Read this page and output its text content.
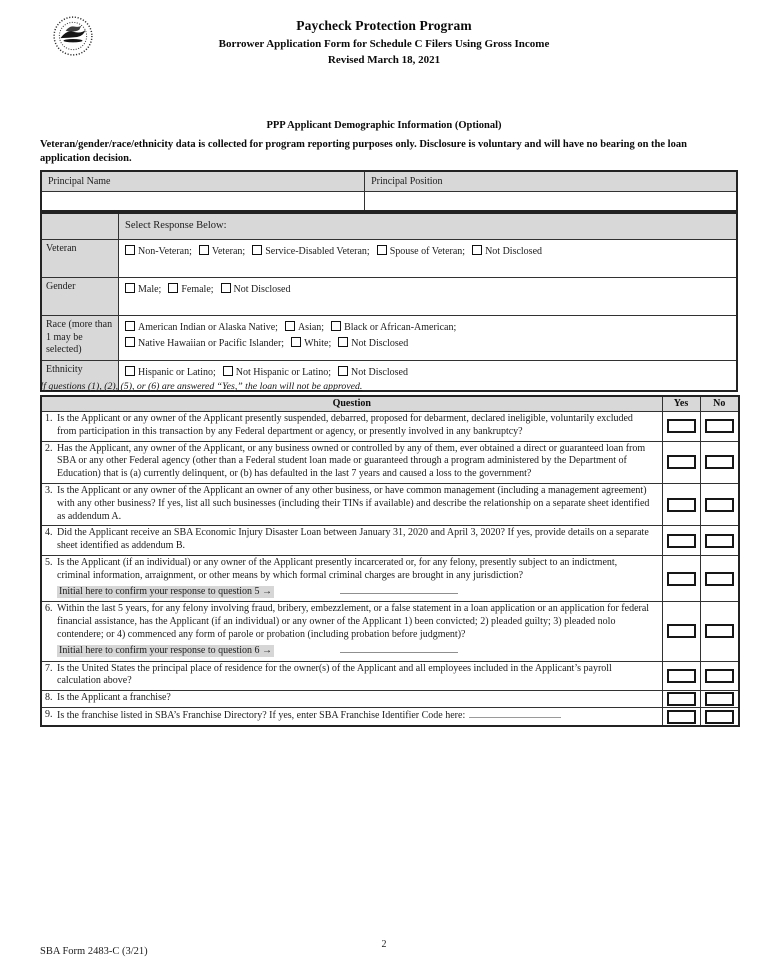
Paycheck Protection Program
Borrower Application Form for Schedule C Filers Using Gross Income
Revised March 18, 2021
PPP Applicant Demographic Information (Optional)
Veteran/gender/race/ethnicity data is collected for program reporting purposes only. Disclosure is voluntary and will have no bearing on the loan application decision.
Principal Name	Principal Position

	Select Response Below:
Veteran	Non-Veteran; Veteran; Service-Disabled Veteran; Spouse of Veteran; Not Disclosed
Gender	Male; Female; Not Disclosed
Race (more than 1 may be selected)	American Indian or Alaska Native; Asian; Black or African-American;
Native Hawaiian or Pacific Islander; White; Not Disclosed
Ethnicity	Hispanic or Latino; Not Hispanic or Latino; Not Disclosed
If questions (1), (2), (5), or (6) are answered “Yes,” the loan will not be approved.
Question	Yes	No

1. Is the Applicant or any owner of the Applicant presently suspended, debarred, proposed for debarment, declared ineligible, voluntarily excluded from participation in this transaction by any Federal department or agency, or presently involved in any bankruptcy?	

2. Has the Applicant, any owner of the Applicant, or any business owned or controlled by any of them, ever obtained a direct or guaranteed loan from SBA or any other Federal agency (other than a Federal student loan made or guaranteed through a program administered by the Department of Education) that is (a) currently delinquent, or (b) has defaulted in the last 7 years and caused a loss to the government?	

3. Is the Applicant or any owner of the Applicant an owner of any other business, or have common management (including a management agreement) with any other business? If yes, list all such businesses (including their TINs if available) and describe the relationship on a separate sheet identified as addendum A.	

4. Did the Applicant receive an SBA Economic Injury Disaster Loan between January 31, 2020 and April 3, 2020? If yes, provide details on a separate sheet identified as addendum B.	

5. Is the Applicant (if an individual) or any owner of the Applicant presently incarcerated or, for any felony, presently subject to an indictment, criminal information, arraignment, or other means by which formal criminal charges are brought in any jurisdiction?
Initial here to confirm your response to question 5 →		

6. Within the last 5 years, for any felony involving fraud, bribery, embezzlement, or a false statement in a loan application or an application for federal financial assistance, has the Applicant (if an individual) or any owner of the Applicant 1) been convicted; 2) pleaded guilty; 3) pleaded nolo contendere; or 4) commenced any form of parole or probation (including probation before judgment)?
Initial here to confirm your response to question 6 →		

7. Is the United States the principal place of residence for the owner(s) of the Applicant and all employees included in the Applicant’s payroll calculation above?	

8. Is the Applicant a franchise?	

9. Is the franchise listed in SBA’s Franchise Directory? If yes, enter SBA Franchise Identifier Code here:	

SBA Form 2483-C (3/21)
2
